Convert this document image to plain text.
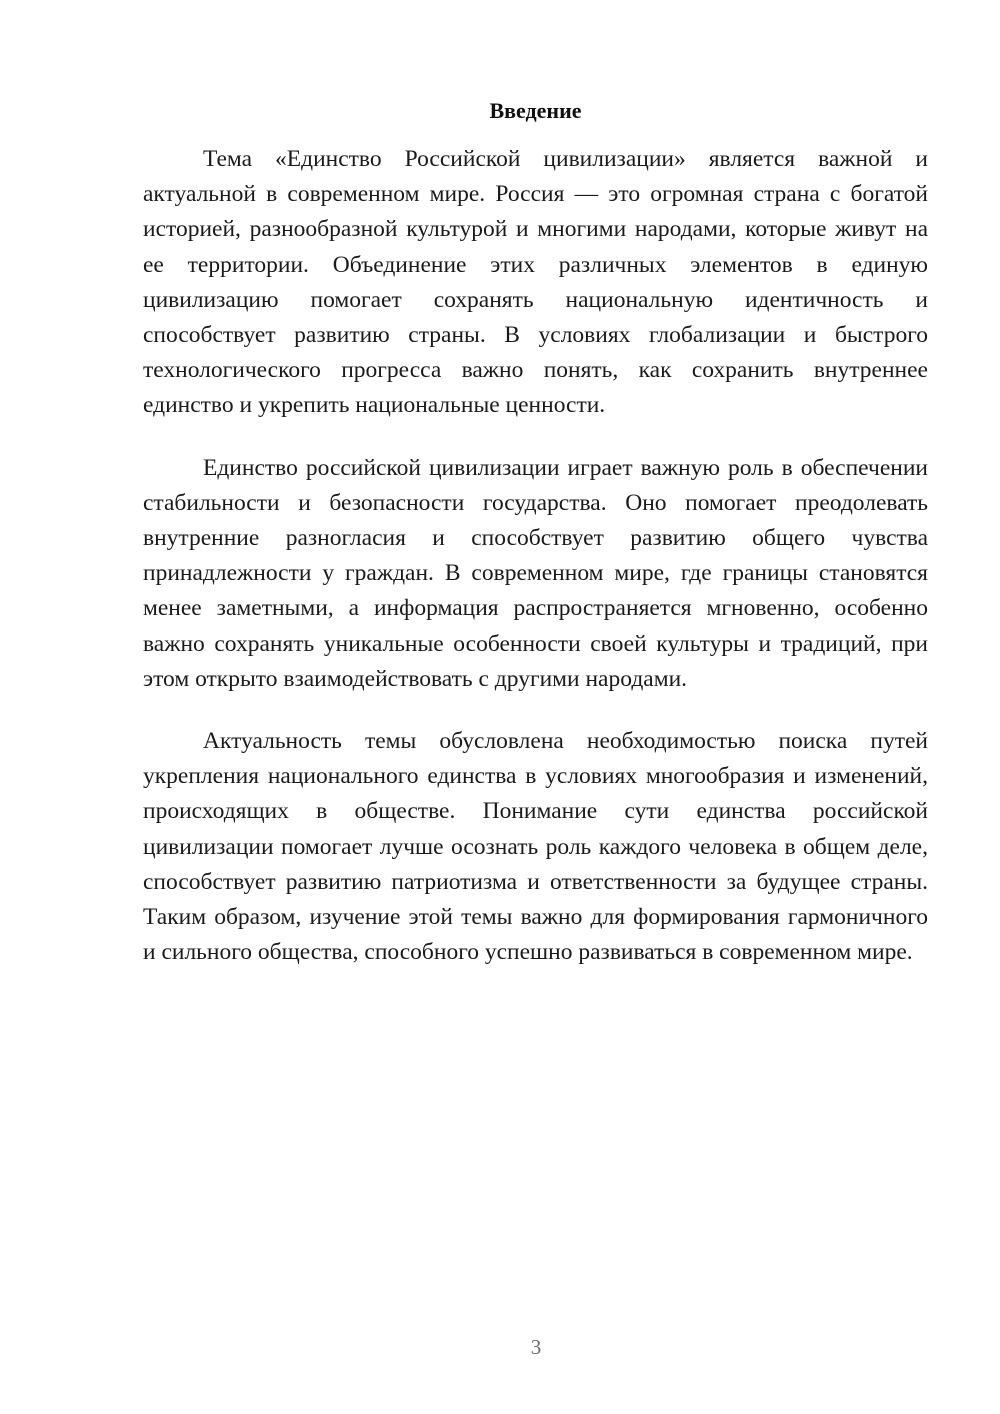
Введение

Тема «Единство Российской цивилизации» является важной и актуальной в современном мире. Россия — это огромная страна с богатой историей, разнообразной культурой и многими народами, которые живут на ее территории. Объединение этих различных элементов в единую цивилизацию помогает сохранять национальную идентичность и способствует развитию страны. В условиях глобализации и быстрого технологического прогресса важно понять, как сохранить внутреннее единство и укрепить национальные ценности.

Единство российской цивилизации играет важную роль в обеспечении стабильности и безопасности государства. Оно помогает преодолевать внутренние разногласия и способствует развитию общего чувства принадлежности у граждан. В современном мире, где границы становятся менее заметными, а информация распространяется мгновенно, особенно важно сохранять уникальные особенности своей культуры и традиций, при этом открыто взаимодействовать с другими народами.

Актуальность темы обусловлена необходимостью поиска путей укрепления национального единства в условиях многообразия и изменений, происходящих в обществе. Понимание сути единства российской цивилизации помогает лучше осознать роль каждого человека в общем деле, способствует развитию патриотизма и ответственности за будущее страны. Таким образом, изучение этой темы важно для формирования гармоничного и сильного общества, способного успешно развиваться в современном мире.

3
